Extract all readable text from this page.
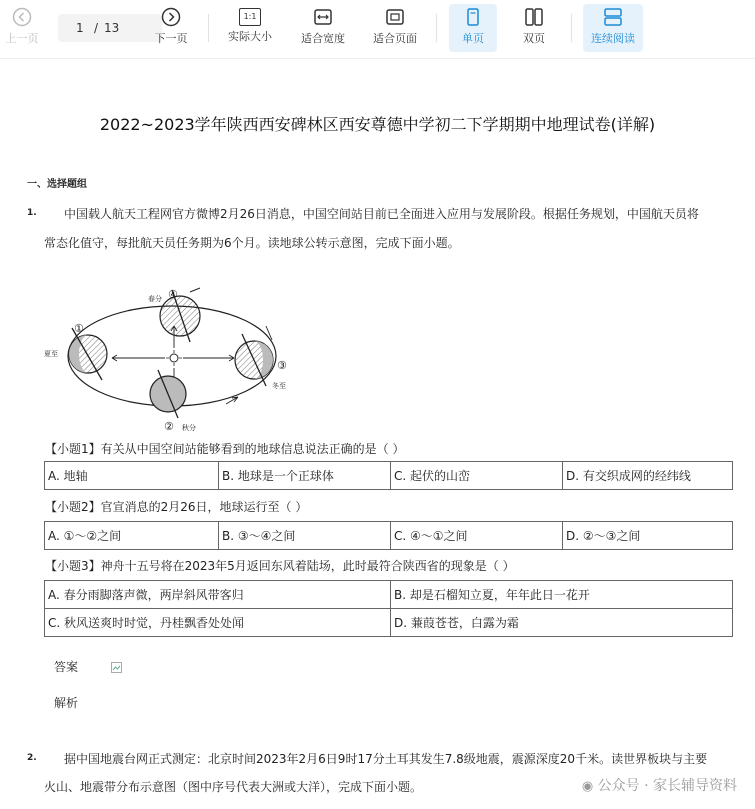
上一页
1 / 13
下一页
1:1
实际大小	适合宽度	适合页面	单页	双页	连续阅读
2022~2023学年陕西西安碑林区西安尊德中学初二下学期期中地理试卷(详解)
一、选择题组
1. 中国载人航天工程网官方微博2月26日消息，中国空间站目前已全面进入应用与发展阶段。根据任务规划，中国航天员将
常态化值守，每批航天员任务期为6个月。读地球公转示意图，完成下面小题。
春分
夏至
秋分
冬至
④
①
③
②
【小题1】有关从中国空间站能够看到的地球信息说法正确的是（ ）
A. 地轴	B. 地球是一个正球体	C. 起伏的山峦	D. 有交织成网的经纬线
【小题2】官宣消息的2月26日，地球运行至（ ）
A. ①～②之间	B. ③～④之间	C. ④～①之间	D. ②～③之间
【小题3】神舟十五号将在2023年5月返回东风着陆场，此时最符合陕西省的现象是（ ）
A. 春分雨脚落声微，两岸斜风带客归	B. 却是石榴知立夏，年年此日一花开
C. 秋风送爽时时觉，丹桂飘香处处闻	D. 蒹葭苍苍，白露为霜
答案
解析
2. 据中国地震台网正式测定：北京时间2023年2月6日9时17分土耳其发生7.8级地震，震源深度20千米。读世界板块与主要
火山、地震带分布示意图（图中序号代表大洲或大洋），完成下面小题。	◉ 公众号 · 家长辅导资料
